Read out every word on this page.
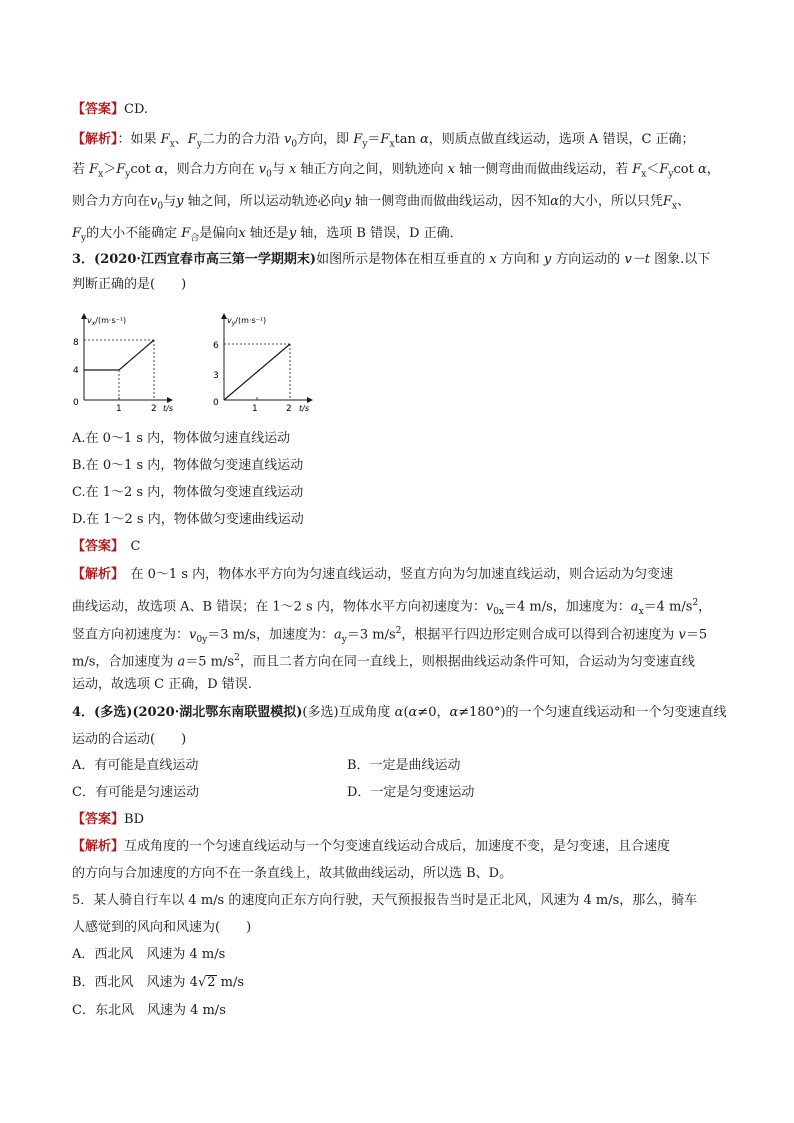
【答案】CD.
【解析】：如果 $F_x$、$F_y$二力的合力沿 $v_0$方向，即 $F_y=F_x\tan$ α，则质点做直线运动，选项 A 错误，C 正确；
若 $F_x>F_y\cot$ α，则合力方向在 $v_0$与 x 轴正方向之间，则轨迹向 x 轴一侧弯曲而做曲线运动，若 $F_x<F_y\cot$ α，
则合力方向在$v_0$与y 轴之间，所以运动轨迹必向y 轴一侧弯曲而做曲线运动，因不知α的大小，所以只凭$F_x$、
$F_y$的大小不能确定 $F_合$是偏向x 轴还是y 轴，选项 B 错误，D 正确．
3．(2020·江西宜春市高三第一学期期末)如图所示是物体在相互垂直的 x 方向和 y 方向运动的 v－t 图象.以下
判断正确的是(　　)
$v_x/(m\cdot s^{-1})$
8
4
0
1	2 t/s
$v_y/(m\cdot s^{-1})$
6
3
0
1	2 t/s
A.在 0～1 s 内，物体做匀速直线运动
B.在 0～1 s 内，物体做匀变速直线运动
C.在 1～2 s 内，物体做匀变速直线运动
D.在 1～2 s 内，物体做匀变速曲线运动
【答案】　C
【解析】　在 0～1 s 内，物体水平方向为匀速直线运动，竖直方向为匀加速直线运动，则合运动为匀变速
曲线运动，故选项 A、B 错误；在 1～2 s 内，物体水平方向初速度为：$v_{0x}=4$ m/s，加速度为：$a_x=4$ $m/s^2$，
竖直方向初速度为：$v_{0y}=3$ m/s，加速度为：$a_y=3$ $m/s^2$，根据平行四边形定则合成可以得到合初速度为 v＝5
m/s，合加速度为 a＝5 $m/s^2$，而且二者方向在同一直线上，则根据曲线运动条件可知，合运动为匀变速直线
运动，故选项 C 正确，D 错误.
4．(多选)(2020·湖北鄂东南联盟模拟)(多选)互成角度 α(α≠0，α≠180°)的一个匀速直线运动和一个匀变速直线
运动的合运动(　　)
A．有可能是直线运动	B．一定是曲线运动
C．有可能是匀速运动	D．一定是匀变速运动
【答案】BD
【解析】互成角度的一个匀速直线运动与一个匀变速直线运动合成后，加速度不变，是匀变速，且合速度
的方向与合加速度的方向不在一条直线上，故其做曲线运动，所以选 B、D。
5．某人骑自行车以 4 m/s 的速度向正东方向行驶，天气预报报告当时是正北风，风速为 4 m/s，那么，骑车
人感觉到的风向和风速为(　　)
A．西北风　风速为 4 m/s
B．西北风　风速为 4√2 m/s
C．东北风　风速为 4 m/s
